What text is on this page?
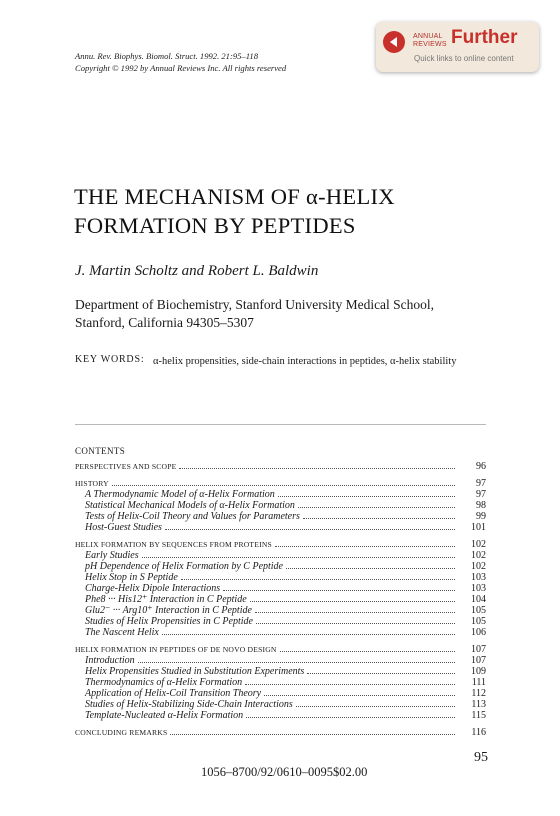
Annu. Rev. Biophys. Biomol. Struct. 1992. 21:95–118
Copyright © 1992 by Annual Reviews Inc. All rights reserved
ANNUAL
REVIEWS Further
Quick links to online content
THE MECHANISM OF α-HELIX
FORMATION BY PEPTIDES
J. Martin Scholtz and Robert L. Baldwin
Department of Biochemistry, Stanford University Medical School,
Stanford, California 94305–5307
KEY WORDS: α-helix propensities, side-chain interactions in peptides, α-helix stability
CONTENTS
PERSPECTIVES AND SCOPE	96
HISTORY	97
A Thermodynamic Model of α-Helix Formation	97
Statistical Mechanical Models of α-Helix Formation	98
Tests of Helix-Coil Theory and Values for Parameters	99
Host-Guest Studies	101
HELIX FORMATION BY SEQUENCES FROM PROTEINS	102
Early Studies	102
pH Dependence of Helix Formation by C Peptide	102
Helix Stop in S Peptide	103
Charge-Helix Dipole Interactions	103
Phe8 ··· His12⁺ Interaction in C Peptide	104
Glu2⁻ ··· Arg10⁺ Interaction in C Peptide	105
Studies of Helix Propensities in C Peptide	105
The Nascent Helix	106
HELIX FORMATION IN PEPTIDES OF DE NOVO DESIGN	107
Introduction	107
Helix Propensities Studied in Substitution Experiments	109
Thermodynamics of α-Helix Formation	111
Application of Helix-Coil Transition Theory	112
Studies of Helix-Stabilizing Side-Chain Interactions	113
Template-Nucleated α-Helix Formation	115
CONCLUDING REMARKS	116
95
1056–8700/92/0610–0095$02.00
